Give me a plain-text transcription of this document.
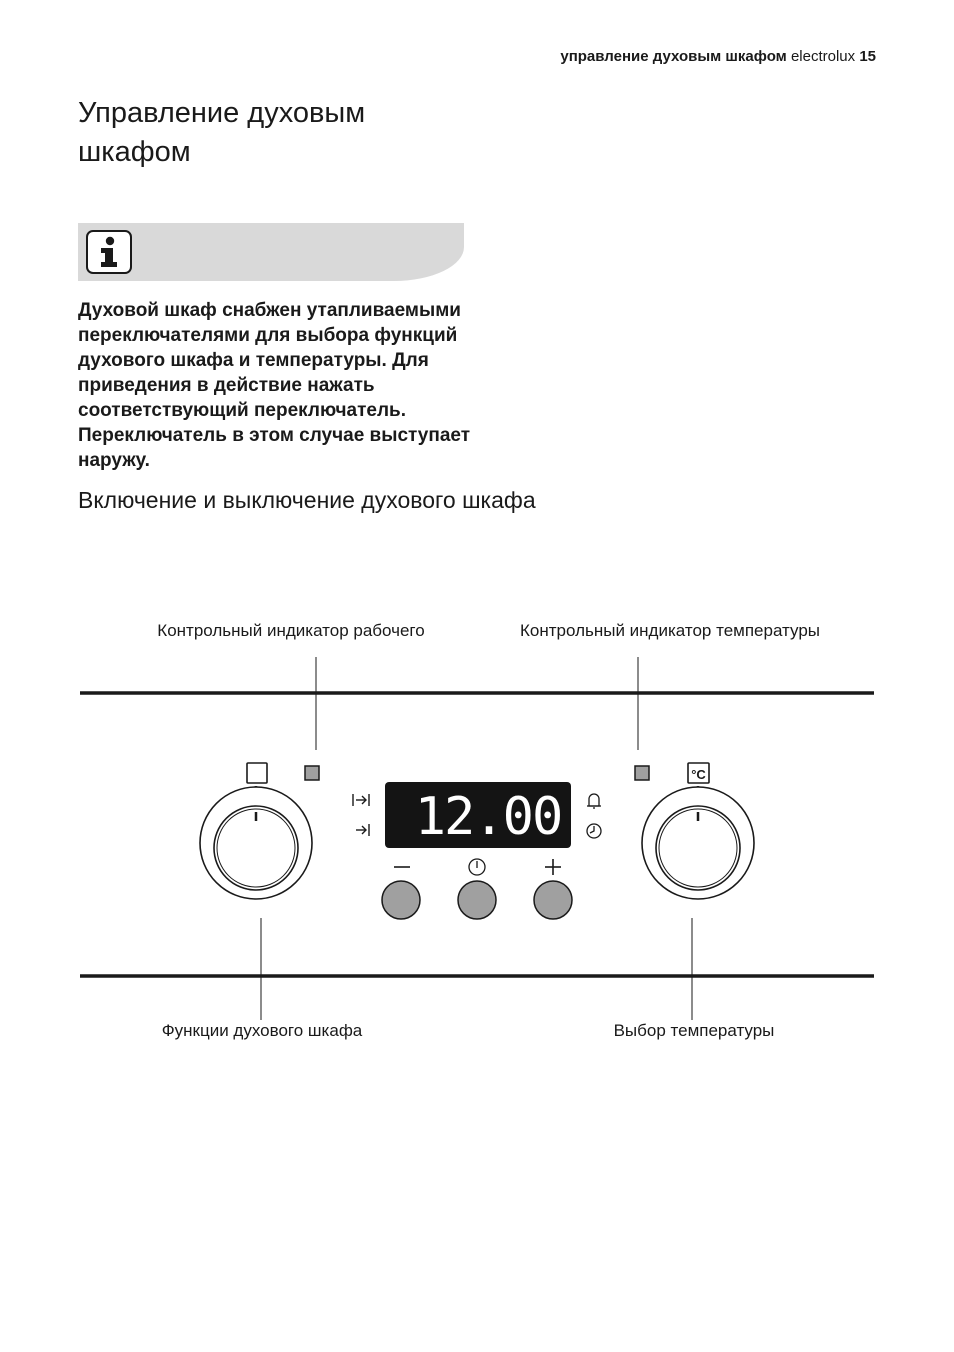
управление духовым шкафом electrolux 15
Управление духовым шкафом

Духовой шкаф снабжен утапливаемыми переключателями для выбора функций духового шкафа и температуры. Для приведения в действие нажать соответствующий переключатель. Переключатель в этом случае выступает наружу.

Включение и выключение духового шкафа
Контрольный индикатор рабочего	Контрольный индикатор температуры
Функции духового шкафа	Выбор температуры
°C
12.00
